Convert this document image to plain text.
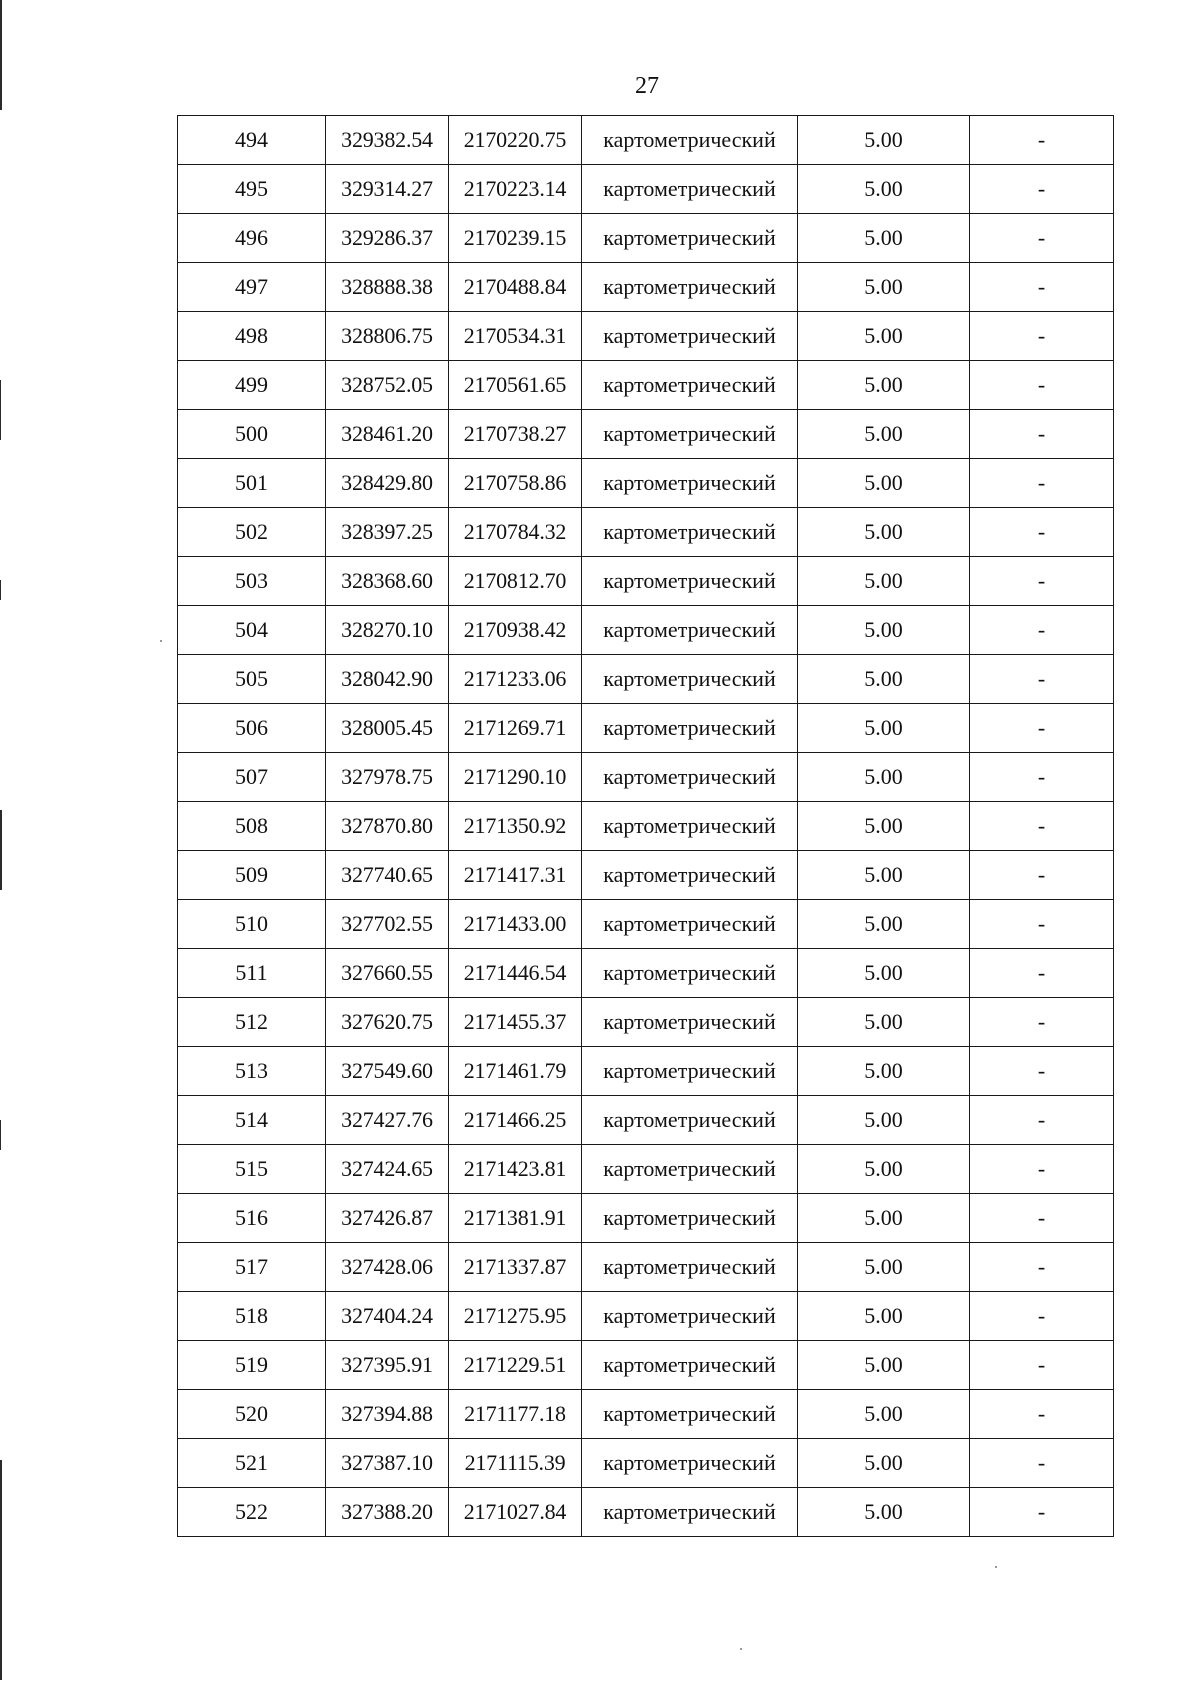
27
494	329382.54	2170220.75	картометрический	5.00	-
495	329314.27	2170223.14	картометрический	5.00	-
496	329286.37	2170239.15	картометрический	5.00	-
497	328888.38	2170488.84	картометрический	5.00	-
498	328806.75	2170534.31	картометрический	5.00	-
499	328752.05	2170561.65	картометрический	5.00	-
500	328461.20	2170738.27	картометрический	5.00	-
501	328429.80	2170758.86	картометрический	5.00	-
502	328397.25	2170784.32	картометрический	5.00	-
503	328368.60	2170812.70	картометрический	5.00	-
504	328270.10	2170938.42	картометрический	5.00	-
505	328042.90	2171233.06	картометрический	5.00	-
506	328005.45	2171269.71	картометрический	5.00	-
507	327978.75	2171290.10	картометрический	5.00	-
508	327870.80	2171350.92	картометрический	5.00	-
509	327740.65	2171417.31	картометрический	5.00	-
510	327702.55	2171433.00	картометрический	5.00	-
511	327660.55	2171446.54	картометрический	5.00	-
512	327620.75	2171455.37	картометрический	5.00	-
513	327549.60	2171461.79	картометрический	5.00	-
514	327427.76	2171466.25	картометрический	5.00	-
515	327424.65	2171423.81	картометрический	5.00	-
516	327426.87	2171381.91	картометрический	5.00	-
517	327428.06	2171337.87	картометрический	5.00	-
518	327404.24	2171275.95	картометрический	5.00	-
519	327395.91	2171229.51	картометрический	5.00	-
520	327394.88	2171177.18	картометрический	5.00	-
521	327387.10	2171115.39	картометрический	5.00	-
522	327388.20	2171027.84	картометрический	5.00	-
